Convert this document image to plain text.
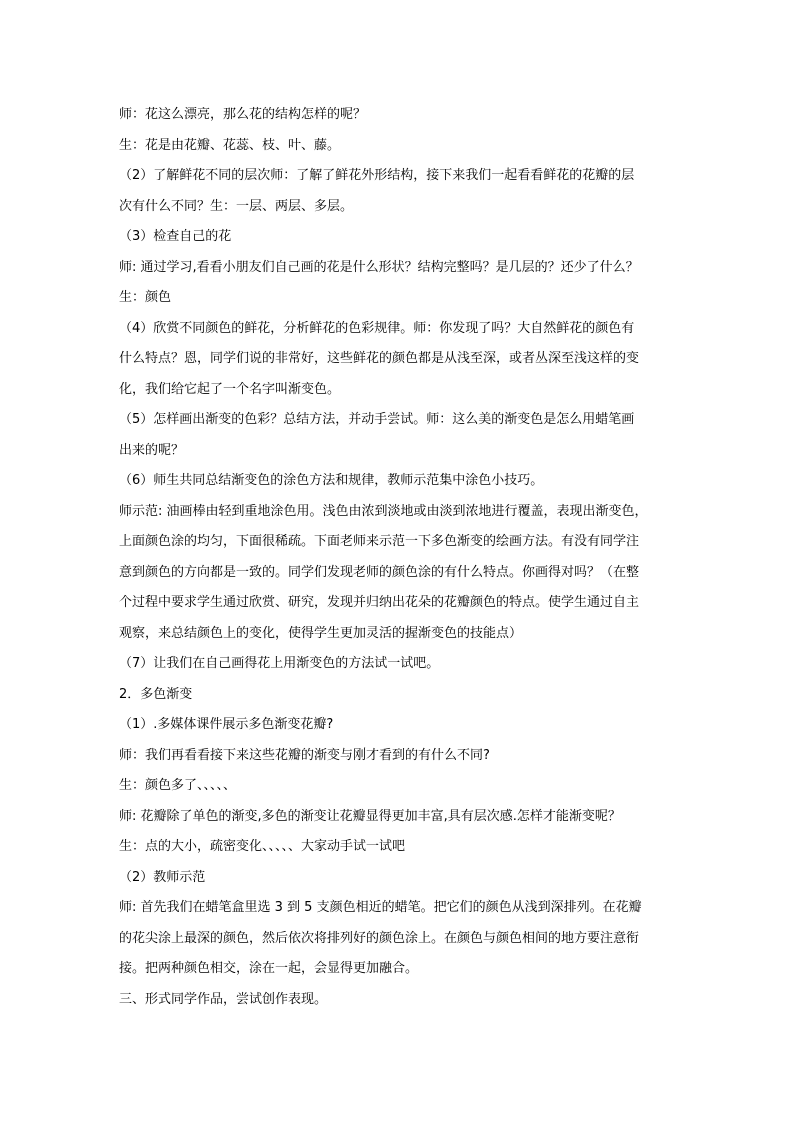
师：花这么漂亮，那么花的结构怎样的呢？
生：花是由花瓣、花蕊、枝、叶、藤。
（2）了解鲜花不同的层次师：了解了鲜花外形结构，接下来我们一起看看鲜花的花瓣的层
次有什么不同？生：一层、两层、多层。
（3）检查自己的花
师: 通过学习,看看小朋友们自己画的花是什么形状？结构完整吗？是几层的？还少了什么？
生：颜色
（4）欣赏不同颜色的鲜花，分析鲜花的色彩规律。师：你发现了吗？大自然鲜花的颜色有
什么特点？恩，同学们说的非常好，这些鲜花的颜色都是从浅至深，或者丛深至浅这样的变
化，我们给它起了一个名字叫渐变色。
（5）怎样画出渐变的色彩？总结方法，并动手尝试。师：这么美的渐变色是怎么用蜡笔画
出来的呢？
（6）师生共同总结渐变色的涂色方法和规律，教师示范集中涂色小技巧。
师示范: 油画棒由轻到重地涂色用。浅色由浓到淡地或由淡到浓地进行覆盖，表现出渐变色，
上面颜色涂的均匀，下面很稀疏。下面老师来示范一下多色渐变的绘画方法。有没有同学注
意到颜色的方向都是一致的。同学们发现老师的颜色涂的有什么特点。你画得对吗？（在整
个过程中要求学生通过欣赏、研究，发现并归纳出花朵的花瓣颜色的特点。使学生通过自主
观察，来总结颜色上的变化，使得学生更加灵活的握渐变色的技能点）
（7）让我们在自己画得花上用渐变色的方法试一试吧。
2．多色渐变
（1）.多媒体课件展示多色渐变花瓣?
师：我们再看看接下来这些花瓣的渐变与刚才看到的有什么不同?
生：颜色多了、、、、、
师: 花瓣除了单色的渐变,多色的渐变让花瓣显得更加丰富,具有层次感.怎样才能渐变呢？
生：点的大小，疏密变化、、、、、大家动手试一试吧
（2）教师示范
师: 首先我们在蜡笔盒里选 3 到 5 支颜色相近的蜡笔。把它们的颜色从浅到深排列。在花瓣
的花尖涂上最深的颜色，然后依次将排列好的颜色涂上。在颜色与颜色相间的地方要注意衔
接。把两种颜色相交，涂在一起，会显得更加融合。
三、形式同学作品，尝试创作表现。
